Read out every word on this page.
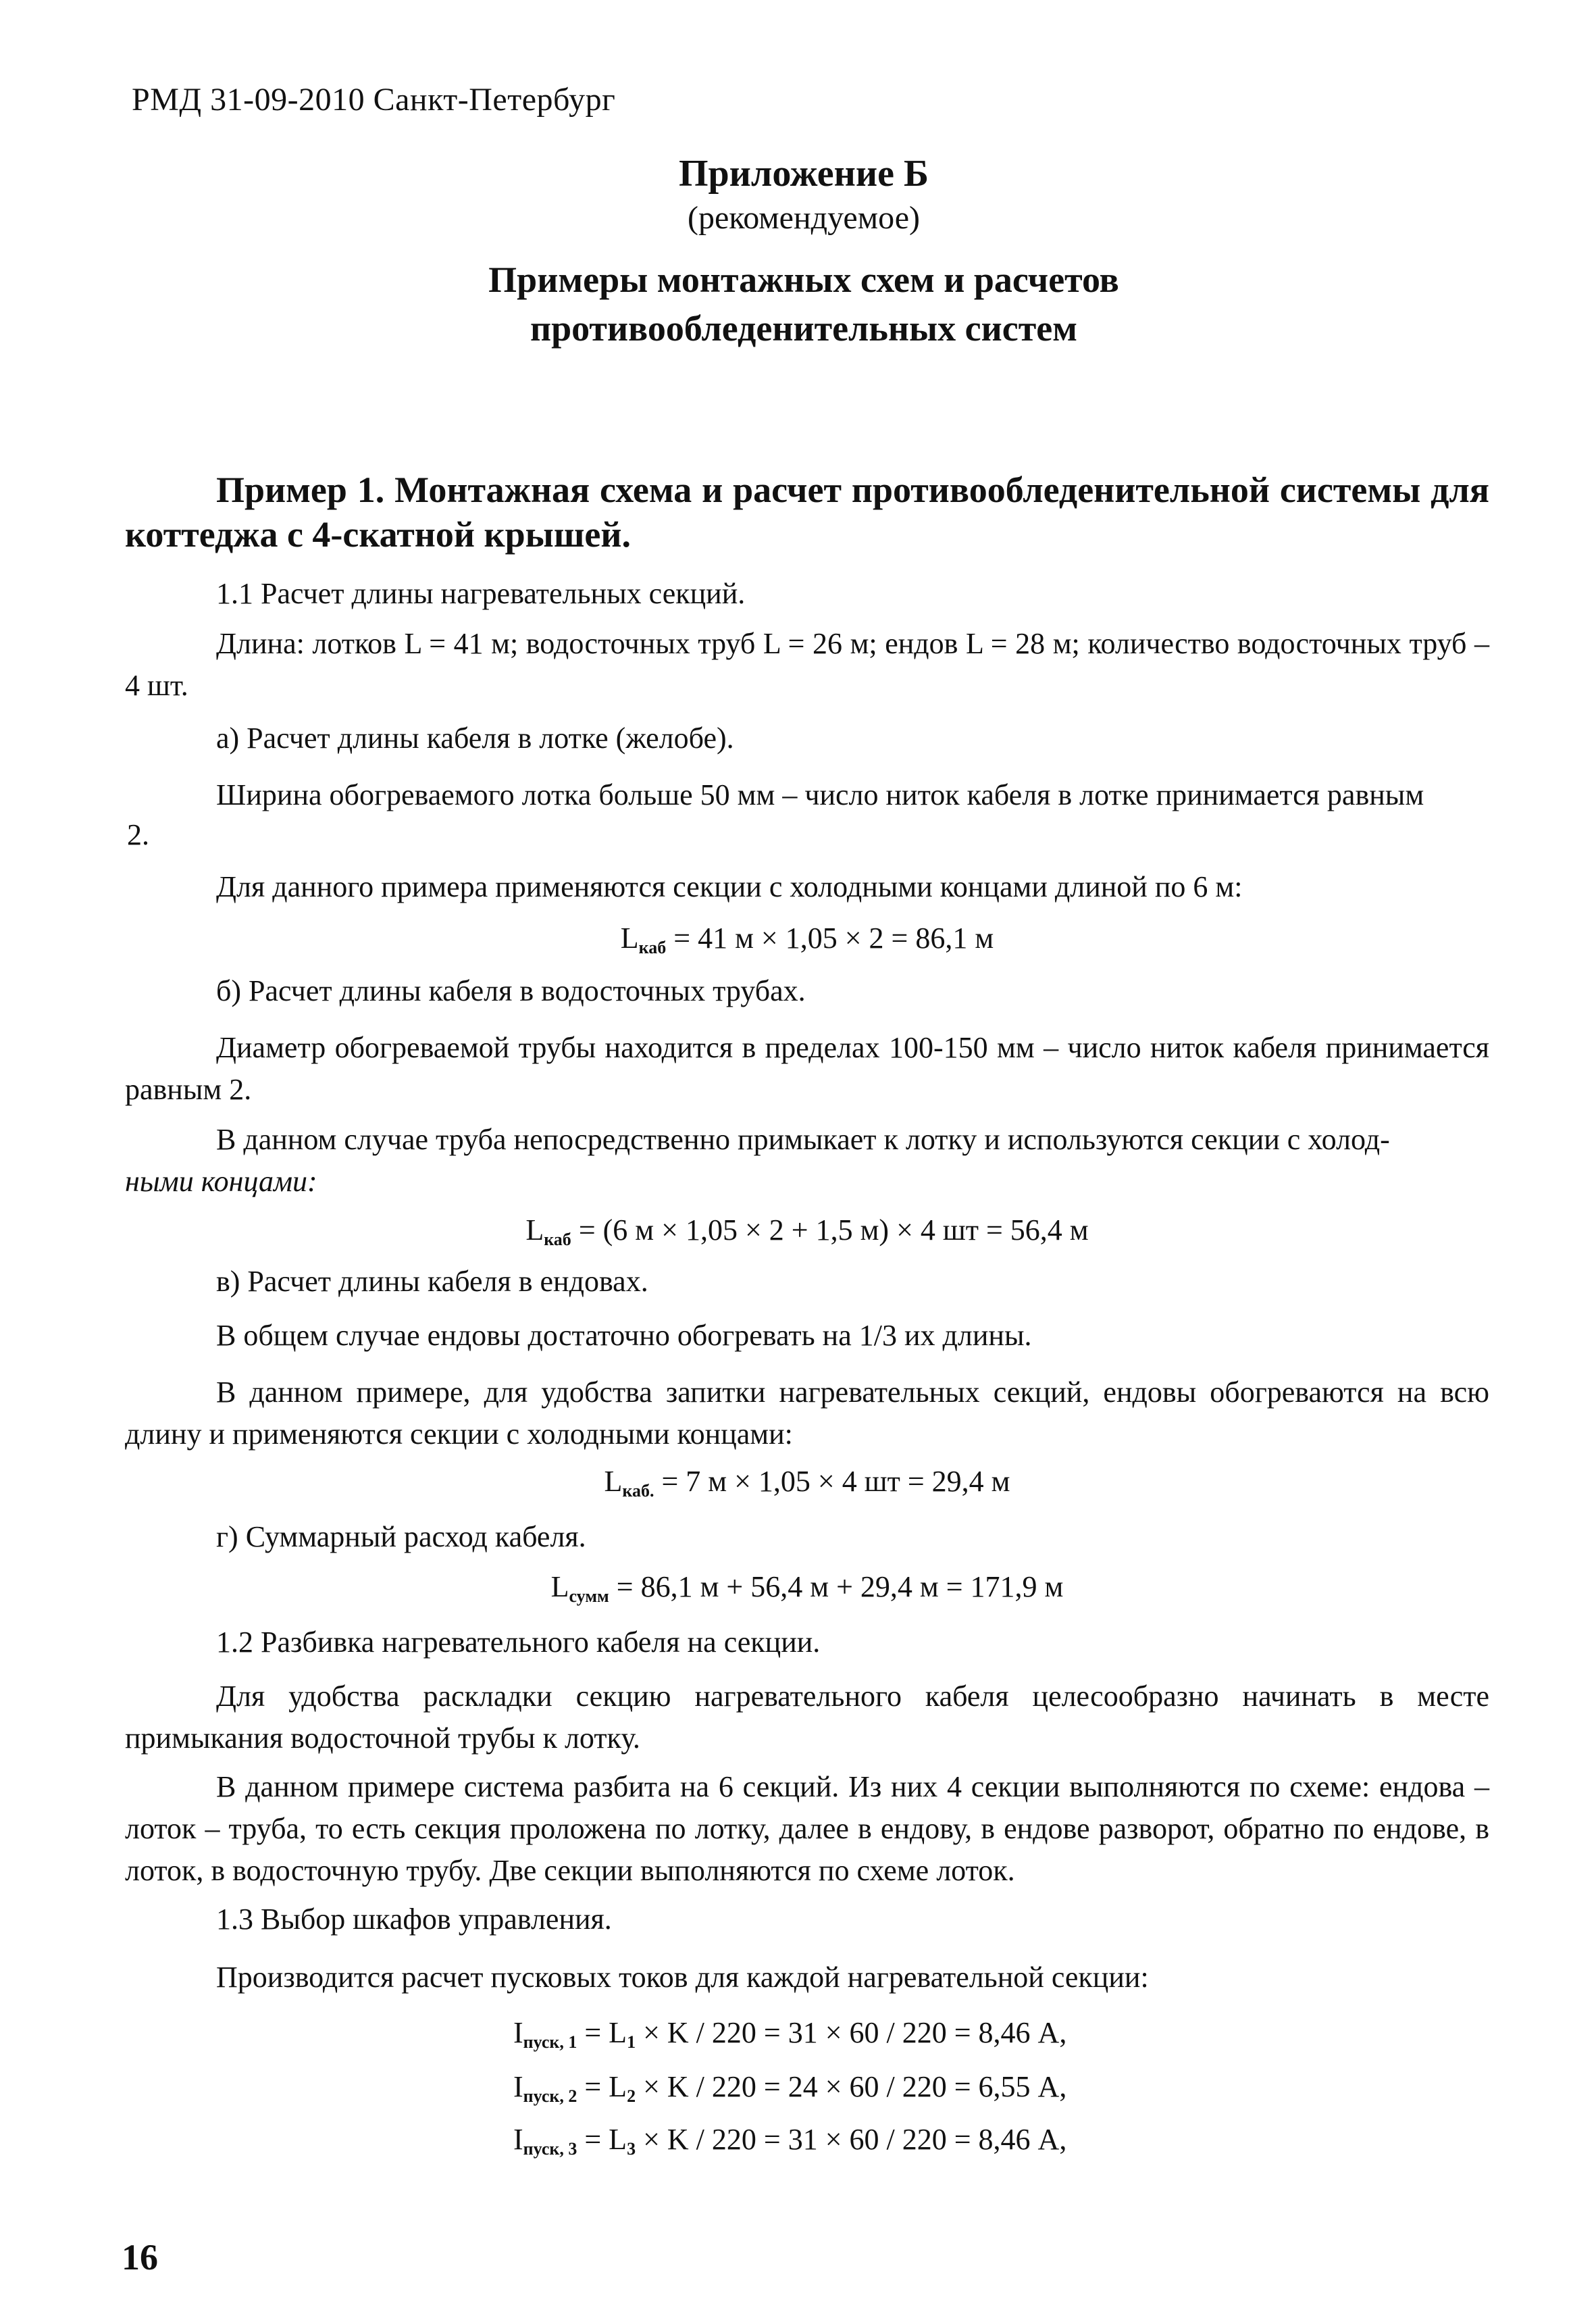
РМД 31-09-2010 Санкт-Петербург
Приложение Б
(рекомендуемое)
Примеры монтажных схем и расчетов
противообледенительных систем
Пример 1. Монтажная схема и расчет противообледенительной системы для коттеджа с 4-скатной крышей.
1.1 Расчет длины нагревательных секций.
Длина: лотков L = 41 м; водосточных труб L = 26 м; ендов L = 28 м; количество водосточных труб – 4 шт.
а) Расчет длины кабеля в лотке (желобе).
Ширина обогреваемого лотка больше 50 мм – число ниток кабеля в лотке принимается равным
2.
Для данного примера применяются секции с холодными концами длиной по 6 м:
$L_{каб} = 41$ м × 1,05 × 2 = 86,1 м
б) Расчет длины кабеля в водосточных трубах.
Диаметр обогреваемой трубы находится в пределах 100-150 мм – число ниток кабеля принимается равным 2.
В данном случае труба непосредственно примыкает к лотку и используются секции с холод-
ными концами:
$L_{каб} = (6$ м × 1,05 × 2 + 1,5 м) × 4 шт = 56,4 м
в) Расчет длины кабеля в ендовах.
В общем случае ендовы достаточно обогревать на 1/3 их длины.
В данном примере, для удобства запитки нагревательных секций, ендовы обогреваются на всю длину и применяются секции с холодными концами:
$L_{каб.} = 7$ м × 1,05 × 4 шт = 29,4 м
г) Суммарный расход кабеля.
$L_{сумм} = 86,1$ м + 56,4 м + 29,4 м = 171,9 м
1.2 Разбивка нагревательного кабеля на секции.
Для удобства раскладки секцию нагревательного кабеля целесообразно начинать в месте примыкания водосточной трубы к лотку.
В данном примере система разбита на 6 секций. Из них 4 секции выполняются по схеме: ендова – лоток – труба, то есть секция проложена по лотку, далее в ендову, в ендове разворот, обратно по ендове, в лоток, в водосточную трубу. Две секции выполняются по схеме лоток.
1.3 Выбор шкафов управления.
Производится расчет пусковых токов для каждой нагревательной секции:
$I_{пуск, 1} = L_1 \times K / 220 = 31 \times 60 / 220 = 8,46$ А,
$I_{пуск, 2} = L_2 \times K / 220 = 24 \times 60 / 220 = 6,55$ А,
$I_{пуск, 3} = L_3 \times K / 220 = 31 \times 60 / 220 = 8,46$ А,
16
